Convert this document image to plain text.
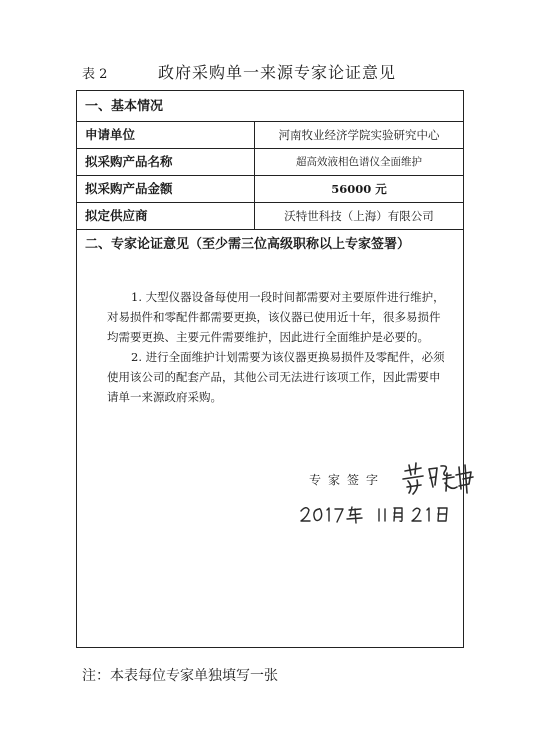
表 2	政府采购单一来源专家论证意见
一、基本情况
申请单位	河南牧业经济学院实验研究中心
拟采购产品名称	超高效液相色谱仪全面维护
拟采购产品金额	56000 元
拟定供应商	沃特世科技（上海）有限公司
二、专家论证意见（至少需三位高级职称以上专家签署）
1. 大型仪器设备每使用一段时间都需要对主要原件进行维护，对易损件和零配件都需要更换，该仪器已使用近十年，很多易损件均需要更换、主要元件需要维护，因此进行全面维护是必要的。
2. 进行全面维护计划需要为该仪器更换易损件及零配件，必须使用该公司的配套产品，其他公司无法进行该项工作，因此需要申请单一来源政府采购。
专家签字
注：本表每位专家单独填写一张
